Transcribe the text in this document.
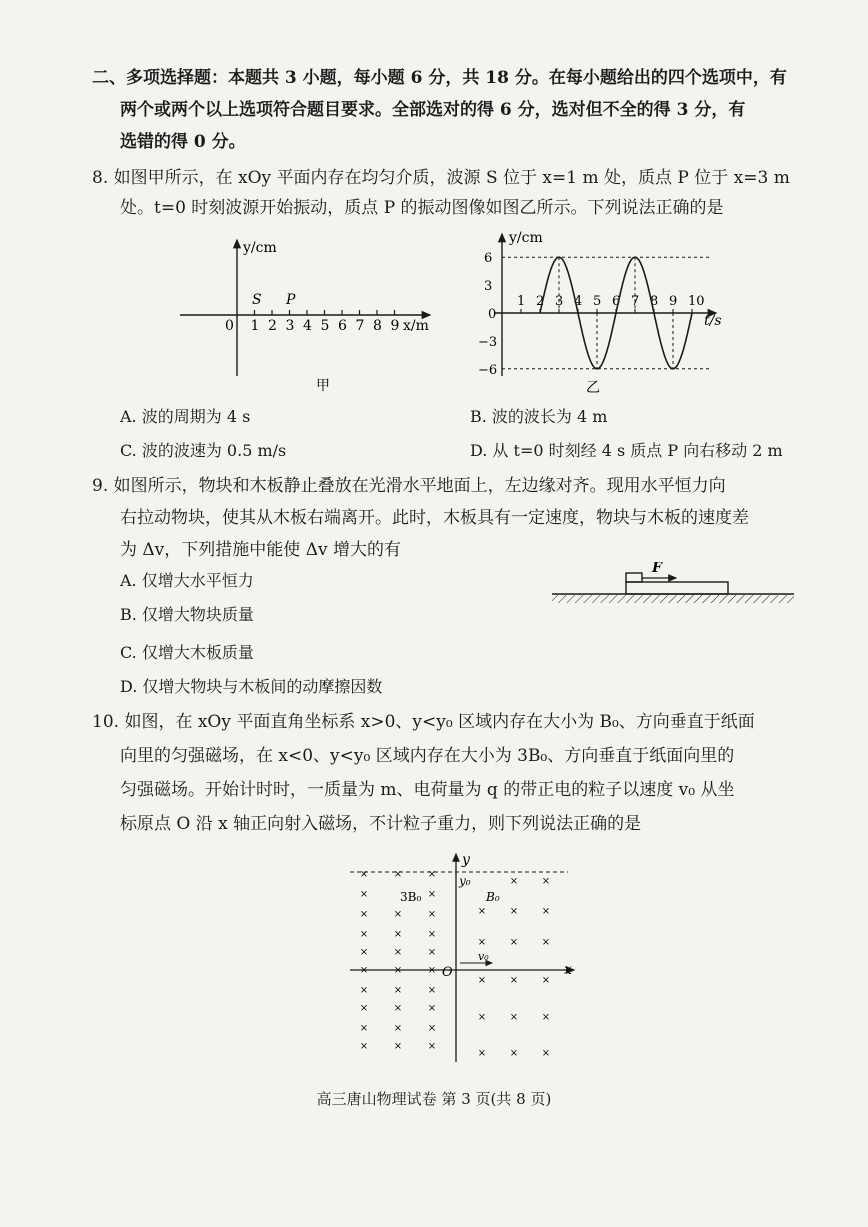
二、多项选择题：本题共 3 小题，每小题 6 分，共 18 分。在每小题给出的四个选项中，有
两个或两个以上选项符合题目要求。全部选对的得 6 分，选对但不全的得 3 分，有
选错的得 0 分。
8. 如图甲所示，在 xOy 平面内存在均匀介质，波源 S 位于 x=1 m 处，质点 P 位于 x=3 m
处。t=0 时刻波源开始振动，质点 P 的振动图像如图乙所示。下列说法正确的是
y/cm
x/m
0 1 2 3 4 5 6 7 8 9
S P
甲
y/cm
t/s
0
1 2 3 4 5 6 7 8 9 10
6
3
−3
−6
乙
A. 波的周期为 4 s	B. 波的波长为 4 m
C. 波的波速为 0.5 m/s	D. 从 t=0 时刻经 4 s 质点 P 向右移动 2 m
9. 如图所示，物块和木板静止叠放在光滑水平地面上，左边缘对齐。现用水平恒力向
右拉动物块，使其从木板右端离开。此时，木板具有一定速度，物块与木板的速度差
为 Δv，下列措施中能使 Δv 增大的有
A. 仅增大水平恒力
B. 仅增大物块质量
C. 仅增大木板质量
D. 仅增大物块与木板间的动摩擦因数
F
10. 如图，在 xOy 平面直角坐标系 x>0、y<y₀ 区域内存在大小为 B₀、方向垂直于纸面
向里的匀强磁场，在 x<0、y<y₀ 区域内存在大小为 3B₀、方向垂直于纸面向里的
匀强磁场。开始计时时，一质量为 m、电荷量为 q 的带正电的粒子以速度 v₀ 从坐
标原点 O 沿 x 轴正向射入磁场，不计粒子重力，则下列说法正确的是
y
x
O
y₀
3B₀	B₀
v₀
×
×
×
×
×
×
×
×
×
×
×
×
×
×
×
×
×
×
×
×
×
×
×
×
×
×
×
×
×
×
×
×
×
×
×
×
×
×
×
×
×
×
×
×
×
×
高三唐山物理试卷 第 3 页(共 8 页)
